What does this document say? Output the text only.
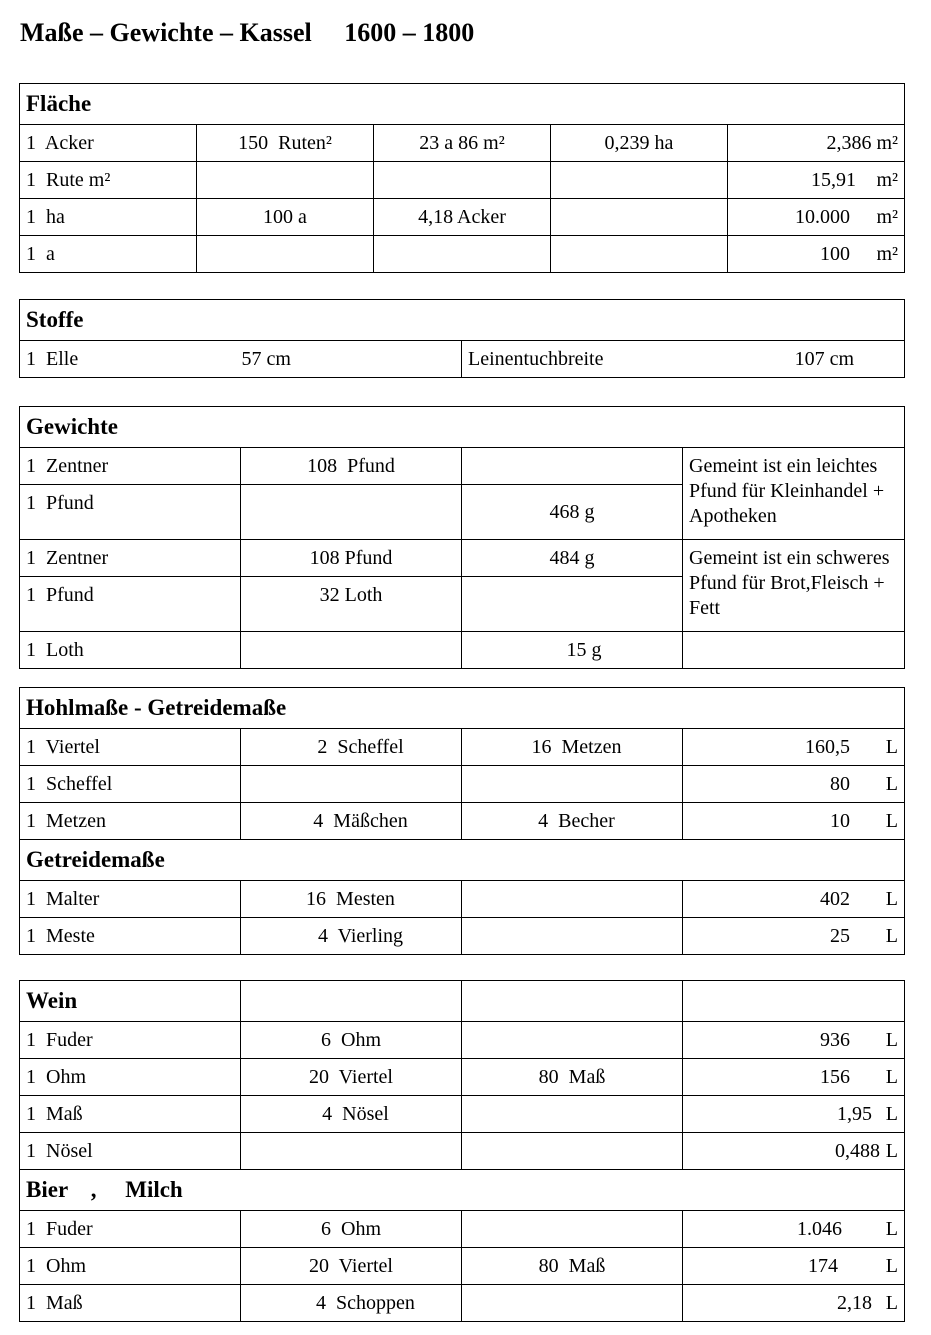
Maße – Gewichte – Kassel     1600 – 1800
Fläche				
1  Acker	150  Ruten²	23 a 86 m²	0,239 ha	2,386 m²
1  Rute m²				15,91 m²

1  ha	100 a	4,18 Acker		10.000 m²

1  a				100 m²
Stoffe
1  Elle	57 cm	Leinentuchbreite	107 cm
Gewichte			
1  Zentner	108  Pfund		Gemeint ist ein leichtes Pfund für Kleinhandel + Apotheken
1  Pfund		468 g	
1  Zentner	108 Pfund	484 g	Gemeint ist ein schweres Pfund für Brot,Fleisch + Fett
1  Pfund	32 Loth		
1  Loth		15 g	
Hohlmaße - Getreidemaße			
1  Viertel	2  Scheffel	16  Metzen	160,5 L

1  Scheffel			80 L

1  Metzen	4  Mäßchen	4  Becher	10 L

Getreidemaße			
1  Malter	16  Mesten		402 L

1  Meste	4  Vierling		25 L
Wein			
1  Fuder	6  Ohm		936 L

1  Ohm	20  Viertel	80  Maß	156 L

1  Maß	4  Nösel		1,95 L

1  Nösel			0,488 L

Bier    ,     Milch			
1  Fuder	6  Ohm		1.046 L

1  Ohm	20  Viertel	80  Maß	174 L

1  Maß	4  Schoppen		2,18 L
